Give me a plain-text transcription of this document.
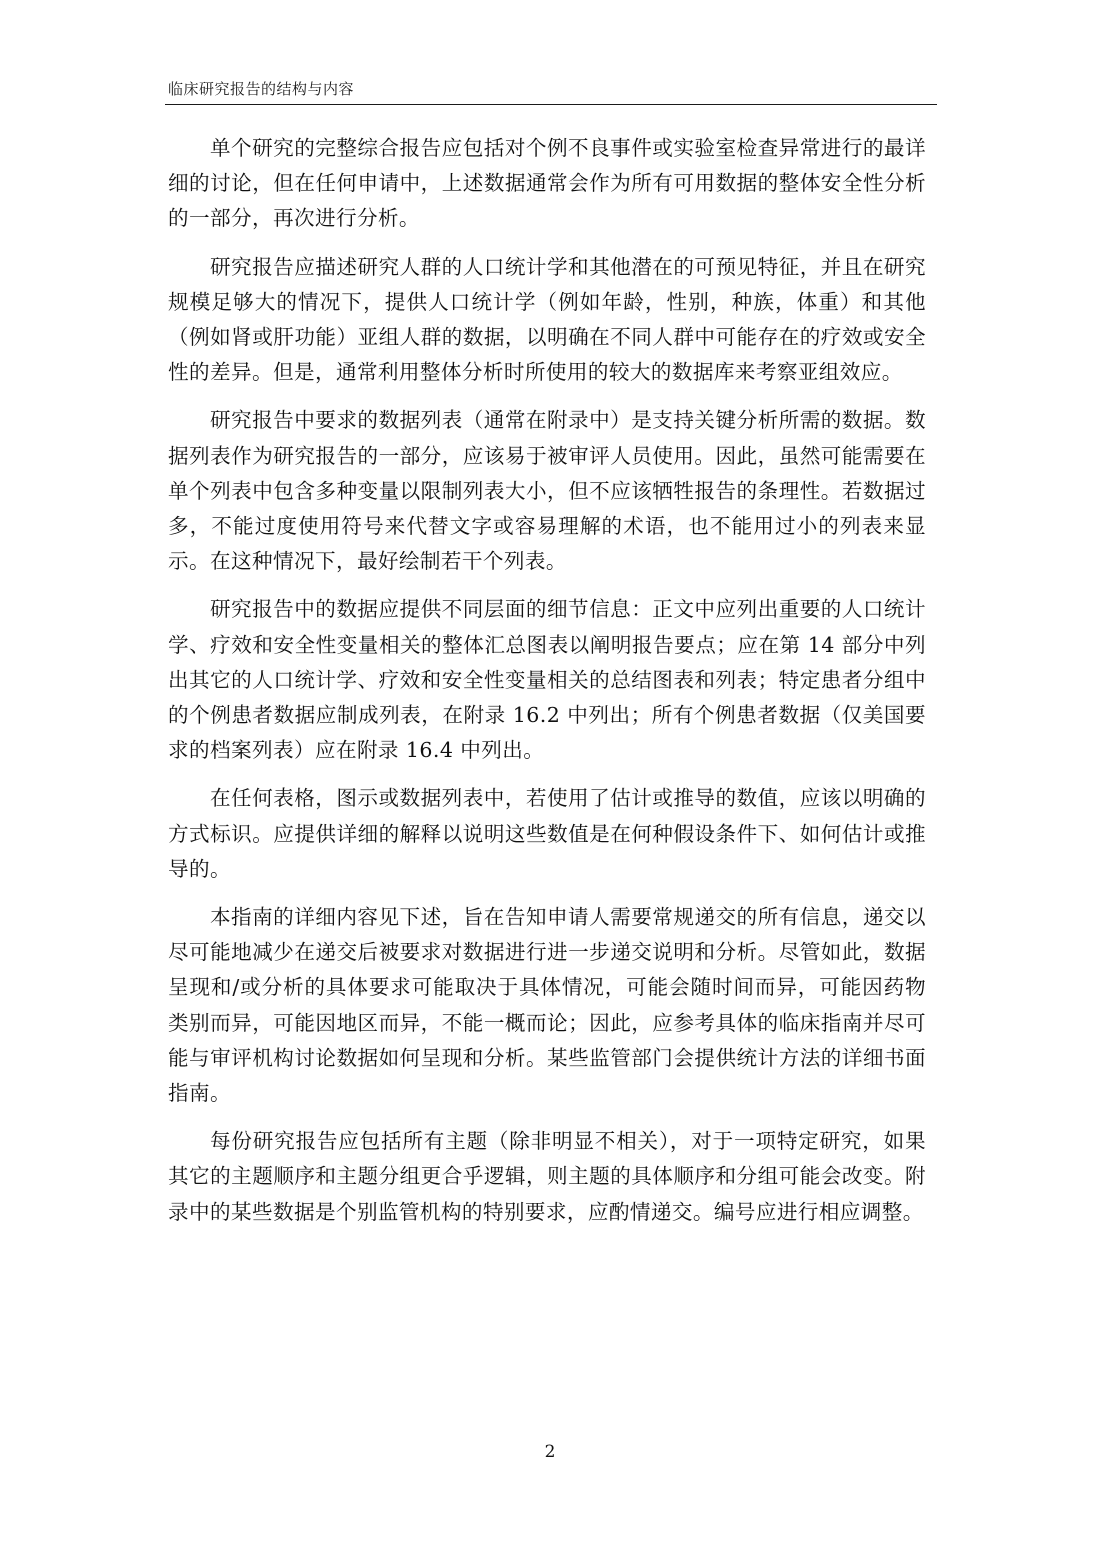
临床研究报告的结构与内容

单个研究的完整综合报告应包括对个例不良事件或实验室检查异常进行的最详细的讨论，但在任何申请中，上述数据通常会作为所有可用数据的整体安全性分析的一部分，再次进行分析。

研究报告应描述研究人群的人口统计学和其他潜在的可预见特征，并且在研究规模足够大的情况下，提供人口统计学（例如年龄，性别，种族，体重）和其他（例如肾或肝功能）亚组人群的数据，以明确在不同人群中可能存在的疗效或安全性的差异。但是，通常利用整体分析时所使用的较大的数据库来考察亚组效应。

研究报告中要求的数据列表（通常在附录中）是支持关键分析所需的数据。数据列表作为研究报告的一部分，应该易于被审评人员使用。因此，虽然可能需要在单个列表中包含多种变量以限制列表大小，但不应该牺牲报告的条理性。若数据过多，不能过度使用符号来代替文字或容易理解的术语，也不能用过小的列表来显示。在这种情况下，最好绘制若干个列表。

研究报告中的数据应提供不同层面的细节信息：正文中应列出重要的人口统计学、疗效和安全性变量相关的整体汇总图表以阐明报告要点；应在第 14 部分中列出其它的人口统计学、疗效和安全性变量相关的总结图表和列表；特定患者分组中的个例患者数据应制成列表，在附录 16.2 中列出；所有个例患者数据（仅美国要求的档案列表）应在附录 16.4 中列出。

在任何表格，图示或数据列表中，若使用了估计或推导的数值，应该以明确的方式标识。应提供详细的解释以说明这些数值是在何种假设条件下、如何估计或推导的。

本指南的详细内容见下述，旨在告知申请人需要常规递交的所有信息，递交以尽可能地减少在递交后被要求对数据进行进一步递交说明和分析。尽管如此，数据呈现和/或分析的具体要求可能取决于具体情况，可能会随时间而异，可能因药物类别而异，可能因地区而异，不能一概而论；因此，应参考具体的临床指南并尽可能与审评机构讨论数据如何呈现和分析。某些监管部门会提供统计方法的详细书面指南。

每份研究报告应包括所有主题（除非明显不相关），对于一项特定研究，如果其它的主题顺序和主题分组更合乎逻辑，则主题的具体顺序和分组可能会改变。附录中的某些数据是个别监管机构的特别要求，应酌情递交。编号应进行相应调整。

2
